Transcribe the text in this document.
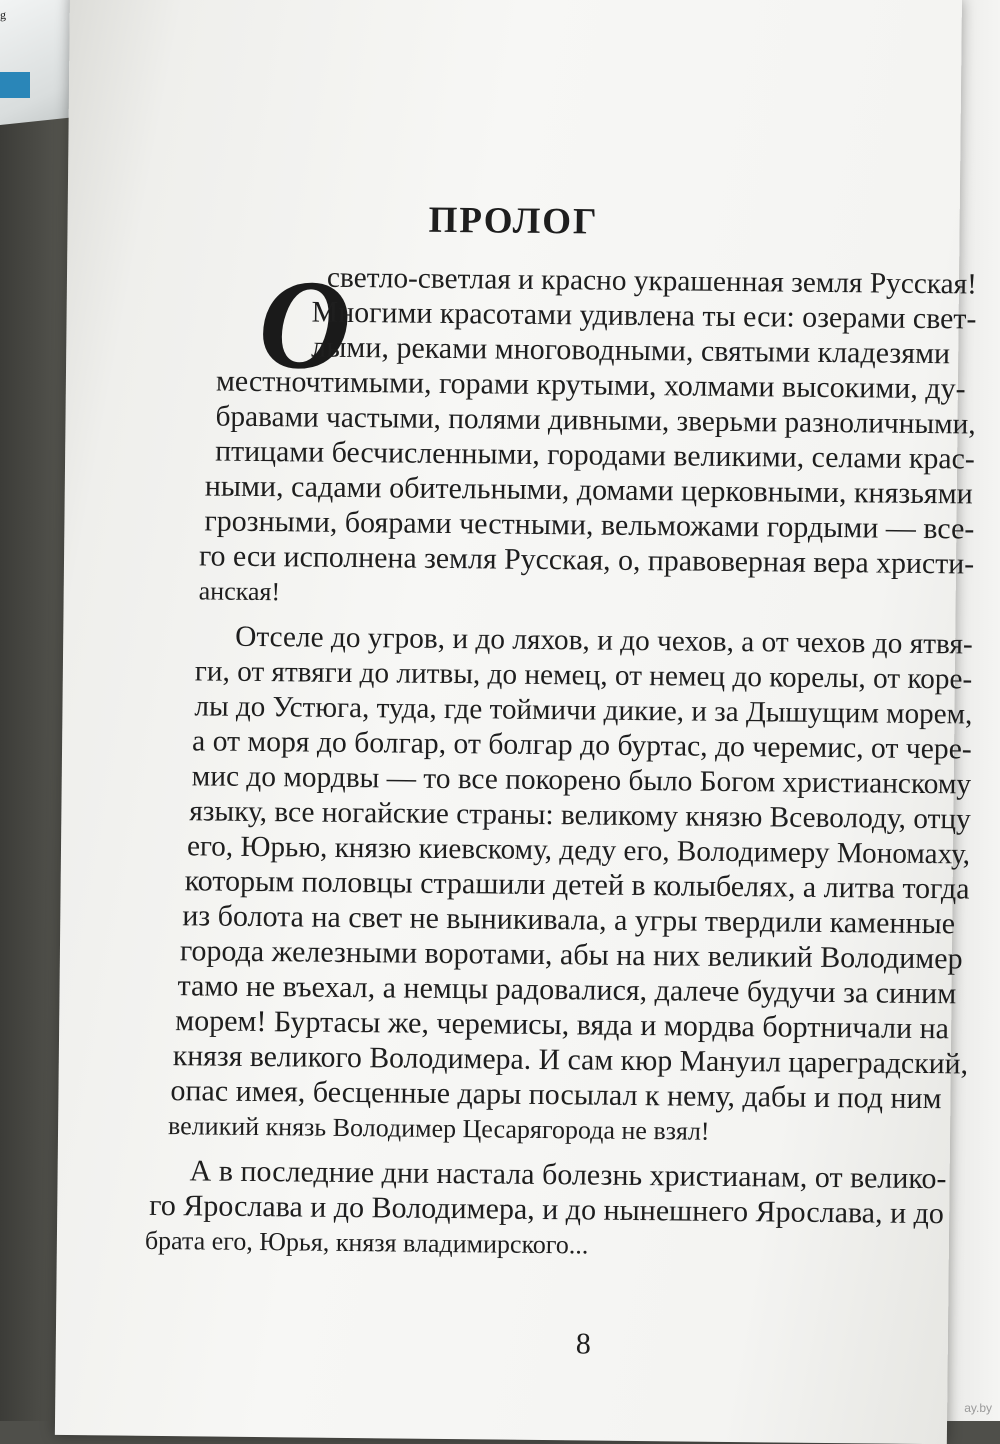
g
ПРОЛОГ
О
светло-светлая и красно украшенная земля Русская!
Многими красотами удивлена ты еси: озерами свет-
лыми, реками многоводными, святыми кладезями
местночтимыми, горами крутыми, холмами высокими, ду-
бравами частыми, полями дивными, зверьми разноличными,
птицами бесчисленными, городами великими, селами крас-
ными, садами обительными, домами церковными, князьями
грозными, боярами честными, вельможами гордыми — все-
го еси исполнена земля Русская, о, правоверная вера христи-
анская!
Отселе до угров, и до ляхов, и до чехов, а от чехов до ятвя-
ги, от ятвяги до литвы, до немец, от немец до корелы, от коре-
лы до Устюга, туда, где тоймичи дикие, и за Дышущим морем,
а от моря до болгар, от болгар до буртас, до черемис, от чере-
мис до мордвы — то все покорено было Богом христианскому
языку, все ногайские страны: великому князю Всеволоду, отцу
его, Юрью, князю киевскому, деду его, Володимеру Мономаху,
которым половцы страшили детей в колыбелях, а литва тогда
из болота на свет не выникивала, а угры твердили каменные
города железными воротами, абы на них великий Володимер
тамо не въехал, а немцы радовалися, далече будучи за синим
морем! Буртасы же, черемисы, вяда и мордва бортничали на
князя великого Володимера. И сам кюр Мануил цареградский,
опас имея, бесценные дары посылал к нему, дабы и под ним
великий князь Володимер Цесарягорода не взял!
А в последние дни настала болезнь христианам, от велико-
го Ярослава и до Володимера, и до нынешнего Ярослава, и до
брата его, Юрья, князя владимирского...
8
ay.by
